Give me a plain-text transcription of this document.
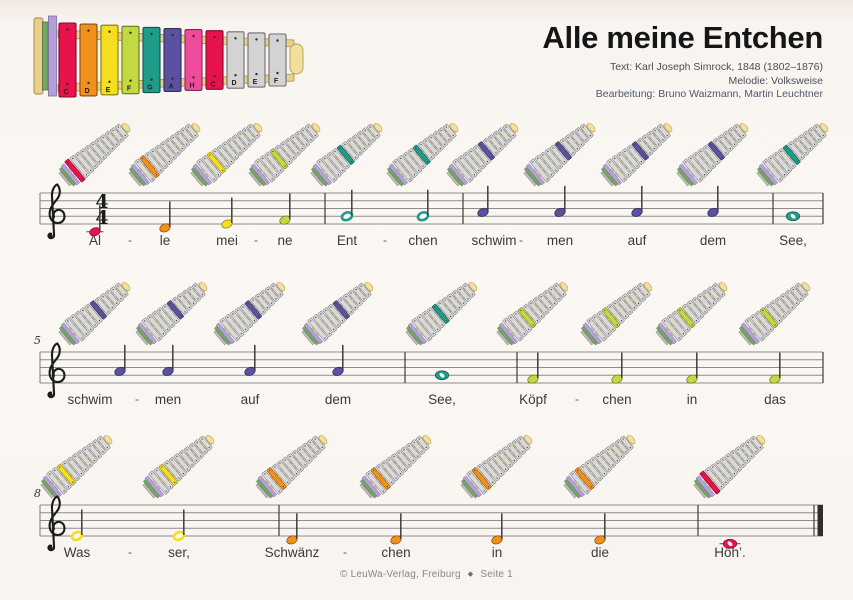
C D E F G A H C D E F
4
4
5
8
Alle meine Entchen
Text: Karl Joseph Simrock, 1848 (1802–1876)
Melodie: Volksweise
Bearbeitung: Bruno Waizmann, Martin Leuchtner
Al	le	mei	ne	Ent	chen	schwim men	auf	dem	See,
-	-	-	-
schwim	men	auf	dem	See,	Köpf	chen	in	das
-	-
Was	ser,	Schwänz	chen	in	die	Höh’.
-	-
© LeuWa-Verlag, Freiburg ◆ Seite 1
